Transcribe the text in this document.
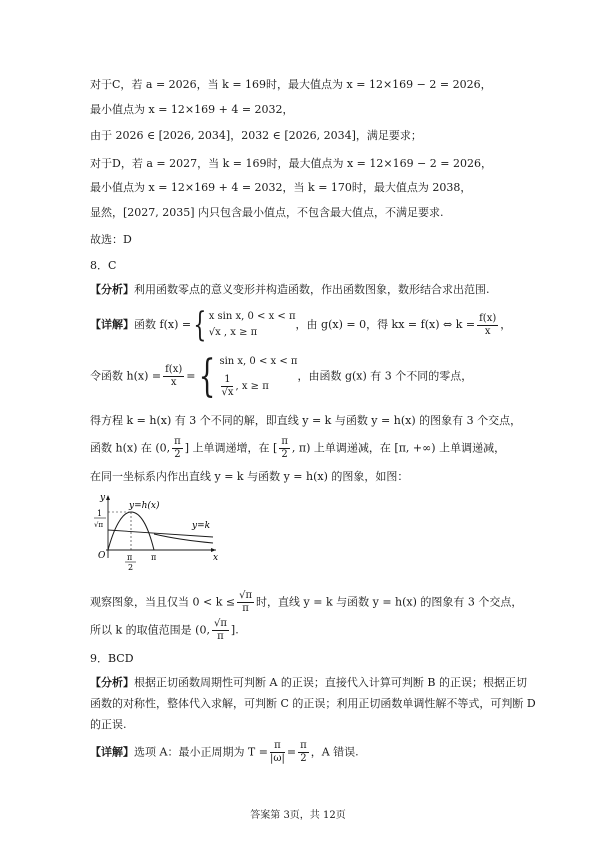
对于C，若 a = 2026，当 k = 169时，最大值点为 x = 12×169 − 2 = 2026，
最小值点为 x = 12×169 + 4 = 2032，
由于 2026 ∈ [2026, 2034]，2032 ∈ [2026, 2034]，满足要求；
对于D，若 a = 2027，当 k = 169时，最大值点为 x = 12×169 − 2 = 2026，
最小值点为 x = 12×169 + 4 = 2032，当 k = 170时，最大值点为 2038，
显然，[2027, 2035] 内只包含最小值点，不包含最大值点，不满足要求.
故选：D
8．C
【分析】利用函数零点的意义变形并构造函数，作出函数图象，数形结合求出范围.
【详解】函数 f(x) ={ x sin x, 0 < x < π
√x , x ≥ π
，由 g(x) = 0，得 kx = f(x) ⇔ $k = \frac{f(x)}{x}$ ，
令函数 $h(x) = \frac{f(x)}{x}$ ={ sin x, 0 < x < π
$\frac{1}{√x}$ , x ≥ π
，由函数 g(x) 有 3 个不同的零点，
得方程 k = h(x) 有 3 个不同的解，即直线 y = k 与函数 y = h(x) 的图象有 3 个交点，
函数 h(x) 在 (0, $\frac{\pi}{2}$ ] 上单调递增，在 [ $\frac{\pi}{2}$ , π) 上单调递减，在 [π, +∞) 上单调递减，
在同一坐标系内作出直线 y = k 与函数 y = h(x) 的图象，如图：
y
x
O
y=h(x)
y=k
1
√π
π
2
π
观察图象，当且仅当 $0 < k \le \frac{√\pi}{\pi}$ 时，直线 y = k 与函数 y = h(x) 的图象有 3 个交点，
所以 k 的取值范围是 (0, $\frac{√\pi}{\pi}$ ].
9．BCD
【分析】根据正切函数周期性可判断 A 的正误；直接代入计算可判断 B 的正误；根据正切
函数的对称性，整体代入求解，可判断 C 的正误；利用正切函数单调性解不等式，可判断 D
的正误.
【详解】选项 A：最小正周期为 $T = \frac{\pi}{|\omega|} = \frac{\pi}{2}$ ，A 错误.
答案第 3页，共 12页
